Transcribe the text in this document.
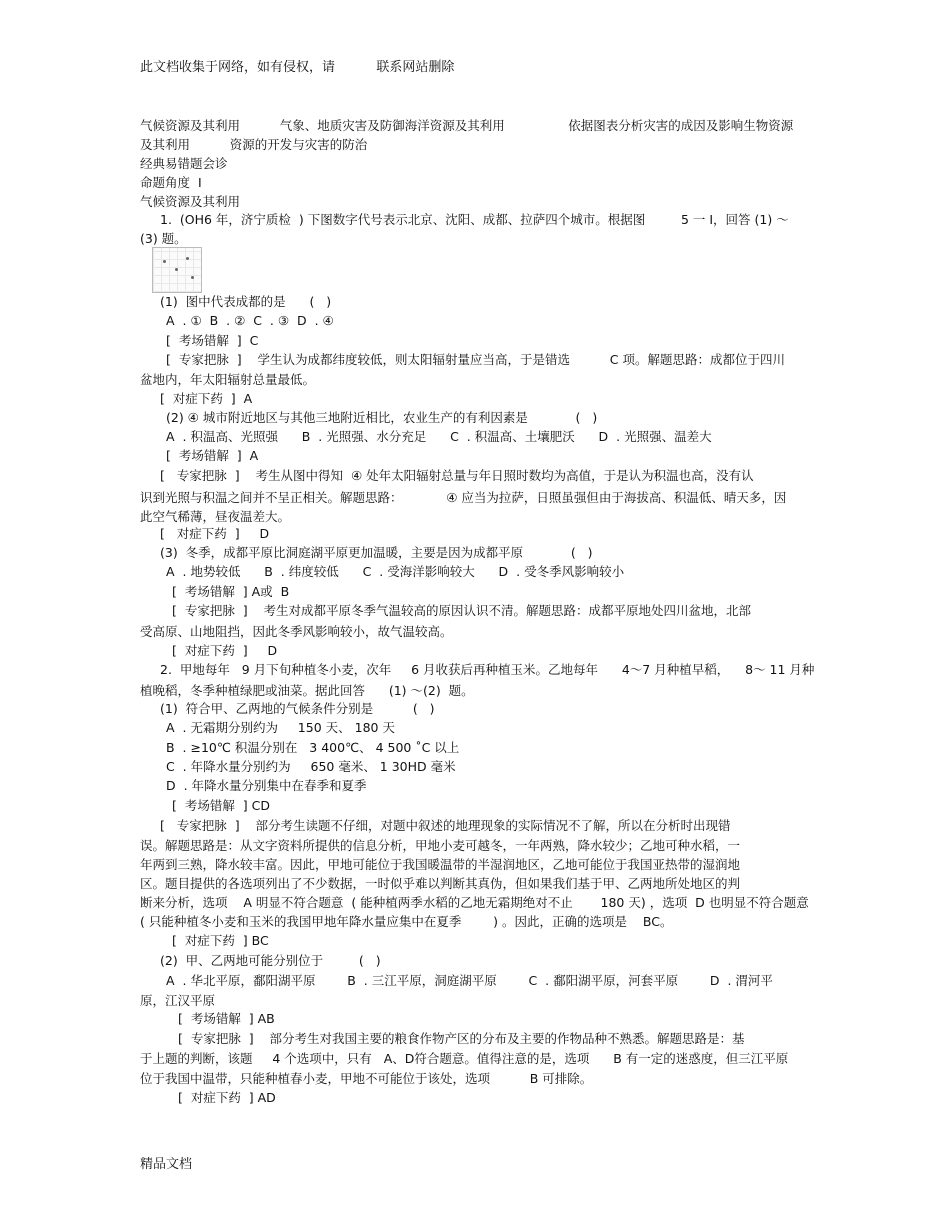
此文档收集于网络，如有侵权，请          联系网站删除
气候资源及其利用          气象、地质灾害及防御海洋资源及其利用                依据图表分析灾害的成因及影响生物资源
及其利用          资源的开发与灾害的防治
经典易错题会诊
命题角度  Ⅰ
气候资源及其利用
1.  (OH6 年，济宁质检  ) 下图数字代号表示北京、沈阳、成都、拉萨四个城市。根据图         5 一 Ⅰ，回答 (1) ～
(3) 题。
(1)  图中代表成都的是      (   )
A  . ①  B  . ②  C  . ③  D  . ④
[  考场错解  ]  C
[  专家把脉  ]    学生认为成都纬度较低，则太阳辐射量应当高，于是错选          C 项。解题思路：成都位于四川
盆地内，年太阳辐射总量最低。
[  对症下药  ]  A
(2) ④ 城市附近地区与其他三地附近相比，农业生产的有利因素是            (   )
A  . 积温高、光照强      B  . 光照强、水分充足      C  . 积温高、土壤肥沃      D  . 光照强、温差大
[  考场错解  ]  A
[   专家把脉  ]    考生从图中得知  ④ 处年太阳辐射总量与年日照时数均为高值，于是认为积温也高，没有认
识到光照与积温之间并不呈正相关。解题思路：           ④ 应当为拉萨，日照虽强但由于海拔高、积温低、晴天多，因
此空气稀薄，昼夜温差大。
[   对症下药  ]     D
(3)  冬季，成都平原比洞庭湖平原更加温暖，主要是因为成都平原            (   )
A  . 地势较低      B  . 纬度较低      C  . 受海洋影响较大      D  . 受冬季风影响较小
[  考场错解  ] A或  B
[  专家把脉  ]    考生对成都平原冬季气温较高的原因认识不清。解题思路：成都平原地处四川盆地，北部
受高原、山地阻挡，因此冬季风影响较小，故气温较高。
[  对症下药  ]     D
2.  甲地每年   9 月下旬种植冬小麦，次年     6 月收获后再种植玉米。乙地每年      4～7 月种植早稻，    8～ 11 月种
植晚稻，冬季种植绿肥或油菜。据此回答      (1) ～(2)  题。
(1)  符合甲、乙两地的气候条件分别是          (   )
A  . 无霜期分别约为     150 天、 180 天
B  . ≥10℃ 积温分别在   3 400℃、 4 500 ˚C 以上
C  . 年降水量分别约为     650 毫米、 1 30HD 毫米
D  . 年降水量分别集中在春季和夏季
[  考场错解  ] CD
[   专家把脉  ]    部分考生读题不仔细，对题中叙述的地理现象的实际情况不了解，所以在分析时出现错
误。解题思路是：从文字资料所提供的信息分析，甲地小麦可越冬，一年两熟，降水较少；乙地可种水稻，一
年两到三熟，降水较丰富。因此，甲地可能位于我国暖温带的半湿润地区，乙地可能位于我国亚热带的湿润地
区。题目提供的各选项列出了不少数据，一时似乎难以判断其真伪，但如果我们基于甲、乙两地所处地区的判
断来分析，选项    A 明显不符合题意  ( 能种植两季水稻的乙地无霜期绝对不止       180 天) ，选项  D 也明显不符合题意
( 只能种植冬小麦和玉米的我国甲地年降水量应集中在夏季        ) 。因此，正确的选项是    BC。
[  对症下药  ] BC
(2)  甲、乙两地可能分别位于         (   )
A  . 华北平原，鄱阳湖平原        B  . 三江平原，洞庭湖平原        C  . 鄱阳湖平原，河套平原        D  . 渭河平
原，江汉平原
[  考场错解  ] AB
[  专家把脉  ]    部分考生对我国主要的粮食作物产区的分布及主要的作物品种不熟悉。解题思路是：基
于上题的判断，该题     4 个选项中，只有   A、D符合题意。值得注意的是，选项      B 有一定的迷惑度，但三江平原
位于我国中温带，只能种植春小麦，甲地不可能位于该处，选项          B 可排除。
[  对症下药  ] AD
精品文档
